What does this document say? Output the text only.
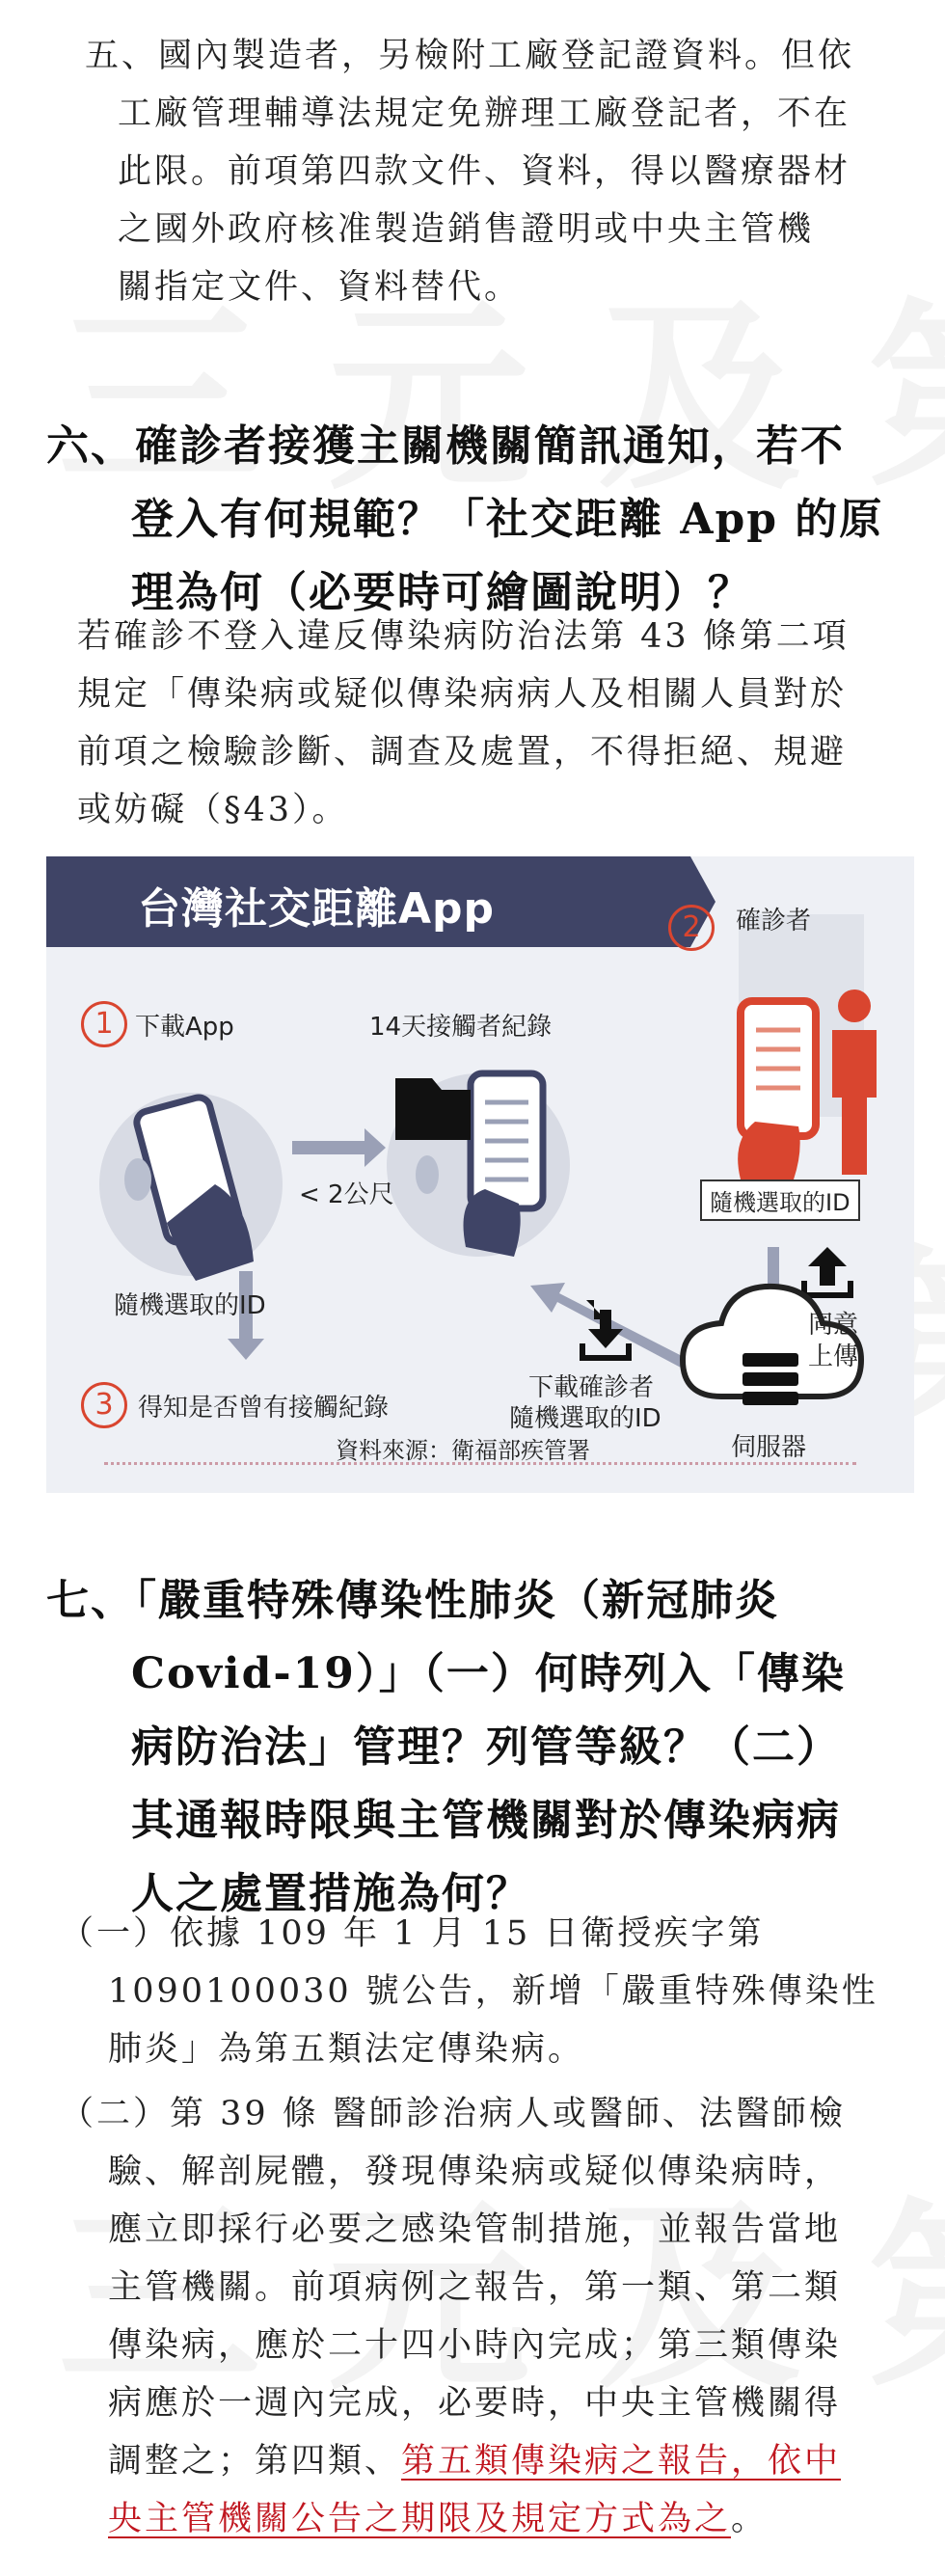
五、國內製造者，另檢附工廠登記證資料。但依
工廠管理輔導法規定免辦理工廠登記者，不在
此限。前項第四款文件、資料，得以醫療器材
之國外政府核准製造銷售證明或中央主管機
關指定文件、資料替代。
六、確診者接獲主關機關簡訊通知，若不
登入有何規範？「社交距離 App 的原
理為何（必要時可繪圖說明）？
若確診不登入違反傳染病防治法第 43 條第二項
規定「傳染病或疑似傳染病病人及相關人員對於
前項之檢驗診斷、調查及處置，不得拒絕、規避
或妨礙（§43）。
台灣社交距離App
1 下載App	14天接觸者紀錄
2	確診者
隨機選取的ID
< 2公尺
隨機選取的ID
同意
上傳
下載確診者
隨機選取的ID
3 得知是否曾有接觸紀錄
伺服器
資料來源：衛福部疾管署
七、「嚴重特殊傳染性肺炎（新冠肺炎
Covid-19）」（一）何時列入「傳染
病防治法」管理？列管等級？（二）
其通報時限與主管機關對於傳染病病
人之處置措施為何？
（一）依據 109 年 1 月 15 日衛授疾字第
1090100030 號公告，新增「嚴重特殊傳染性
肺炎」為第五類法定傳染病。
（二）第 39 條 醫師診治病人或醫師、法醫師檢
驗、解剖屍體，發現傳染病或疑似傳染病時，
應立即採行必要之感染管制措施，並報告當地
主管機關。前項病例之報告，第一類、第二類
傳染病，應於二十四小時內完成；第三類傳染
病應於一週內完成，必要時，中央主管機關得
調整之；第四類、第五類傳染病之報告，依中
央主管機關公告之期限及規定方式為之。
